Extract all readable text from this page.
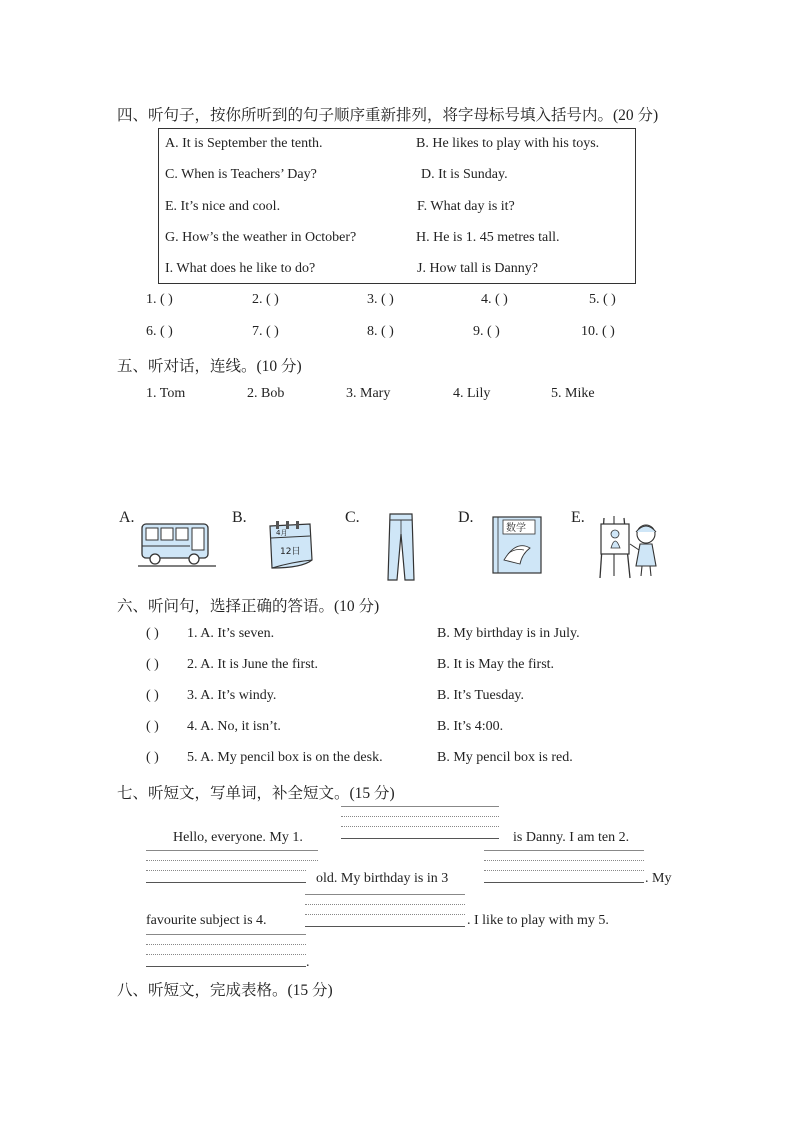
四、听句子，按你所听到的句子顺序重新排列，将字母标号填入括号内。(20 分)
A. It is September the tenth.	B. He likes to play with his toys.
C. When is Teachers’ Day?	D. It is Sunday.
E. It’s nice and cool.	F. What day is it?
G. How’s the weather in October?	H. He is 1. 45 metres tall.
I. What does he like to do?	J. How tall is Danny?
1. ( )	2. ( )	3. ( )	4. ( )	5. ( )
6. ( )	7. ( )	8. ( )	9. ( )	10. ( )
五、听对话，连线。(10 分)
1. Tom	2. Bob	3. Mary	4. Lily	5. Mike
A.	B.	C.	D.	E.
4月
12日
数学
六、听问句，选择正确的答语。(10 分)
( ) 1. A. It’s seven.	B. My birthday is in July.
( ) 2. A. It is June the first.	B. It is May the first.
( ) 3. A. It’s windy.	B. It’s Tuesday.
( ) 4. A. No, it isn’t.	B. It’s 4:00.
( ) 5. A. My pencil box is on the desk.	B. My pencil box is red.
七、听短文，写单词，补全短文。(15 分)
Hello, everyone. My 1.	is Danny. I am ten 2.
old. My birthday is in 3	. My
favourite subject is 4.	. I like to play with my 5.
.
八、听短文，完成表格。(15 分)
